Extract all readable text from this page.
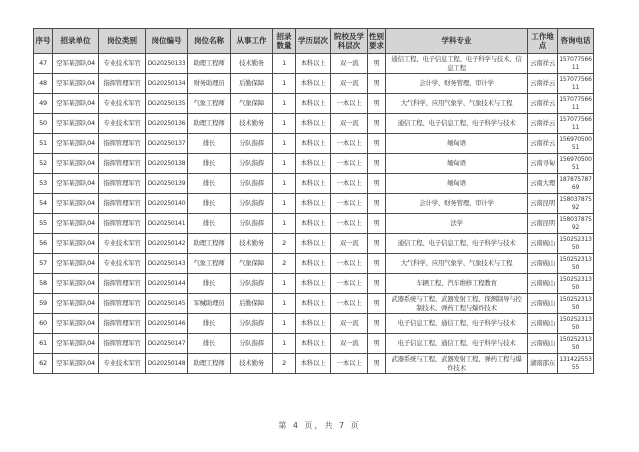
序号	招录单位	岗位类别	岗位编号	岗位名称	从事工作	招录数量	学历层次	院校及学科层次	性别要求	学科专业	工作地点	咨询电话
47	空军某部队04	专业技术军官	DG20250133	助理工程师	技术勤务	1	本科以上	双一流	男	通信工程、电子信息工程、电子科学与技术、信息工程	云南祥云	15707756611
48	空军某部队04	指挥管理军官	DG20250134	财务助理员	后勤保障	1	本科以上	双一流	男	会计学、财务管理、审计学	云南祥云	15707756611
49	空军某部队04	专业技术军官	DG20250135	气象工程师	气象保障	1	本科以上	一本以上	男	大气科学、应用气象学、气象技术与工程	云南祥云	15707756611
50	空军某部队04	专业技术军官	DG20250136	助理工程师	技术勤务	1	本科以上	双一流	男	通信工程、电子信息工程、电子科学与技术	云南祥云	15707756611
51	空军某部队04	指挥管理军官	DG20250137	排长	分队指挥	1	本科以上	一本以上	男	缅甸语	云南祥云	15697050051
52	空军某部队04	指挥管理军官	DG20250138	排长	分队指挥	1	本科以上	一本以上	男	缅甸语	云南寻甸	15697050051
53	空军某部队04	指挥管理军官	DG20250139	排长	分队指挥	1	本科以上	一本以上	男	缅甸语	云南大理	18787578769
54	空军某部队04	指挥管理军官	DG20250140	排长	分队指挥	1	本科以上	一本以上	男	会计学、财务管理、审计学	云南昆明	15803787592
55	空军某部队04	指挥管理军官	DG20250141	排长	分队指挥	1	本科以上	一本以上	男	法学	云南昆明	15803787592
56	空军某部队04	专业技术军官	DG20250142	助理工程师	技术勤务	2	本科以上	双一流	男	通信工程、电子信息工程、电子科学与技术	云南砚山	15025231350
57	空军某部队04	专业技术军官	DG20250143	气象工程师	气象保障	2	本科以上	一本以上	男	大气科学、应用气象学、气象技术与工程	云南砚山	15025231350
58	空军某部队04	指挥管理军官	DG20250144	排长	分队指挥	1	本科以上	一本以上	男	车辆工程、汽车维修工程教育	云南砚山	15025231350
59	空军某部队04	指挥管理军官	DG20250145	军械助理员	后勤保障	1	本科以上	一本以上	男	武器系统与工程、武器发射工程、探测制导与控制技术、弹药工程与爆炸技术	云南砚山	15025231350
60	空军某部队04	指挥管理军官	DG20250146	排长	分队指挥	1	本科以上	双一流	男	电子信息工程、通信工程、电子科学与技术	云南砚山	15025231350
61	空军某部队04	指挥管理军官	DG20250147	排长	分队指挥	1	本科以上	双一流	男	电子信息工程、通信工程、电子科学与技术	云南砚山	15025231350
62	空军某部队04	专业技术军官	DG20250148	助理工程师	技术勤务	2	本科以上	一本以上	男	武器系统与工程、武器发射工程、弹药工程与爆炸技术	湖南邵东	13142255355
第 4 页，共 7 页
